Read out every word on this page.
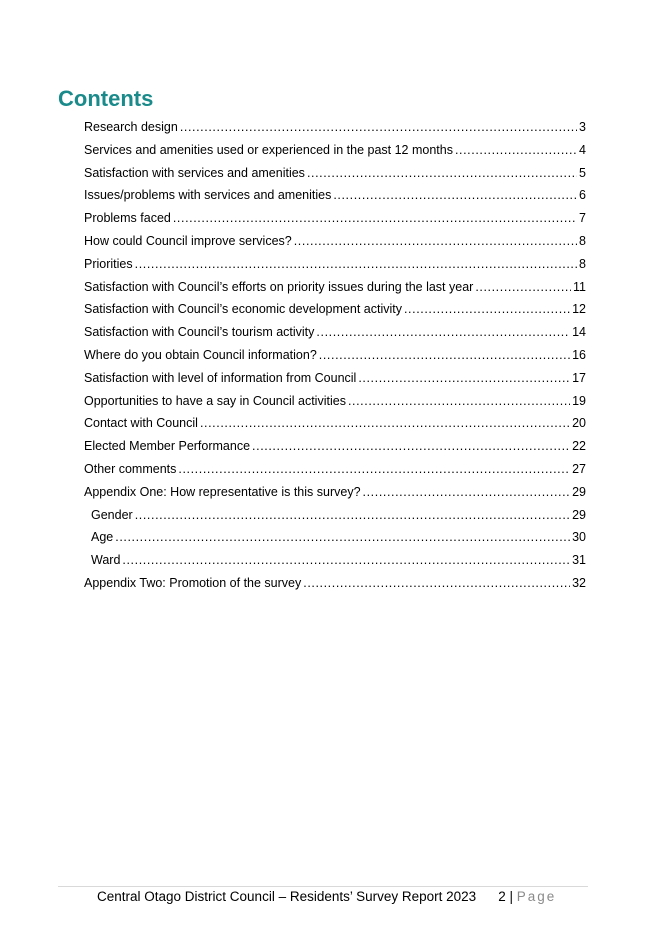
Contents
Research design .....	3
Services and amenities used or experienced in the past 12 months .....	4
Satisfaction with services and amenities .....	5
Issues/problems with services and amenities .....	6
Problems faced .....	7
How could Council improve services? .....	8
Priorities .....	8
Satisfaction with Council’s efforts on priority issues during the last year .....	11
Satisfaction with Council’s economic development activity .....	12
Satisfaction with Council’s tourism activity .....	14
Where do you obtain Council information? .....	16
Satisfaction with level of information from Council .....	17
Opportunities to have a say in Council activities .....	19
Contact with Council .....	20
Elected Member Performance .....	22
Other comments .....	27
Appendix One: How representative is this survey? .....	29
Gender .....	29
Age .....	30
Ward .....	31
Appendix Two: Promotion of the survey .....	32
Central Otago District Council – Residents’ Survey Report 2023 2 | Page
